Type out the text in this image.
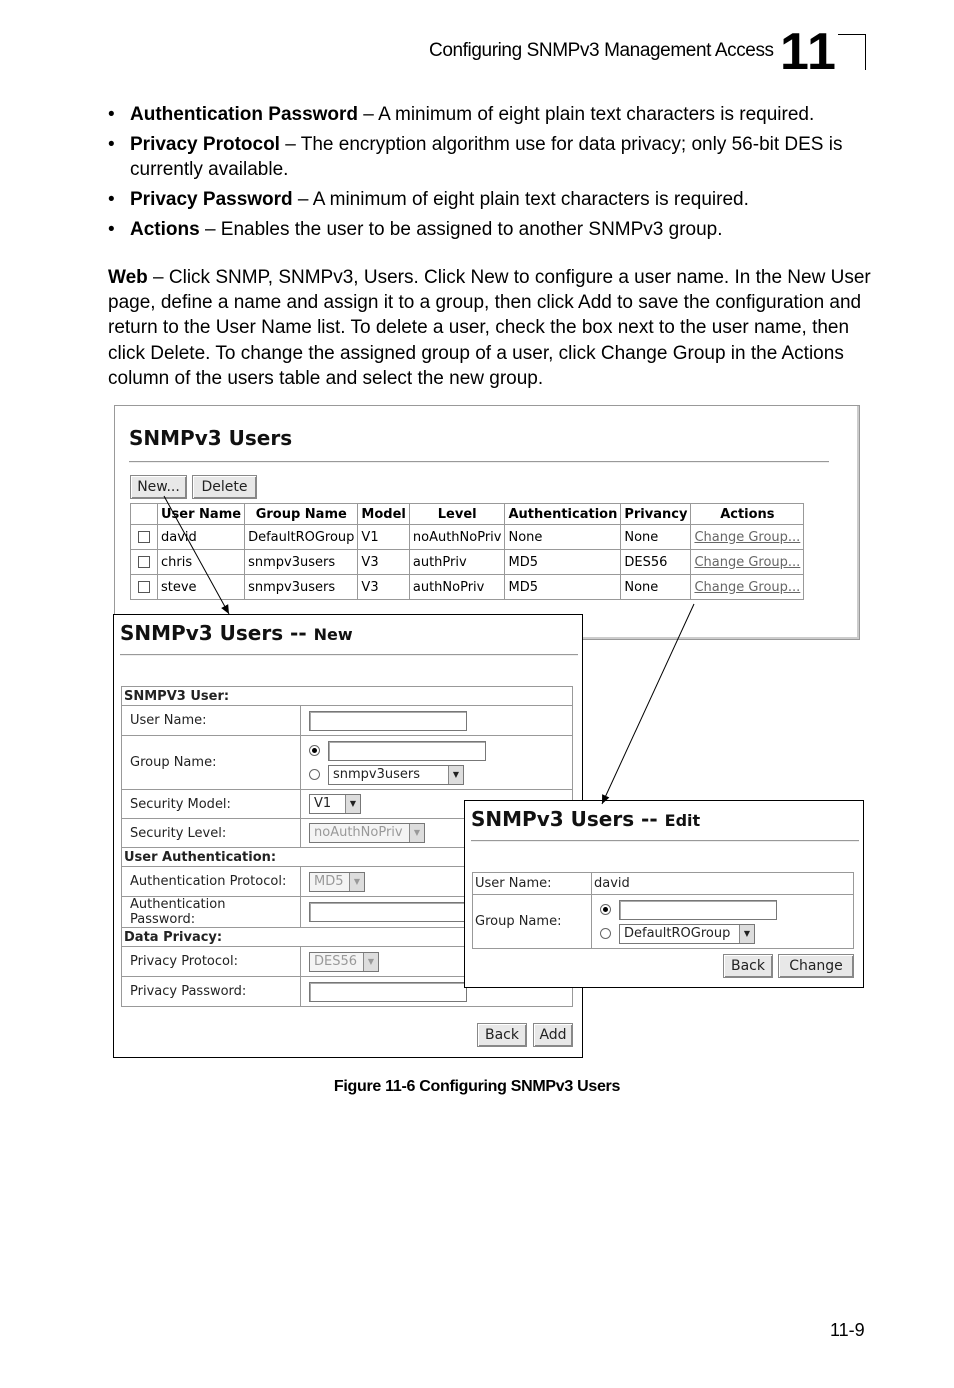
Configuring SNMPv3 Management Access 11
• Authentication Password – A minimum of eight plain text characters is required.
• Privacy Protocol – The encryption algorithm use for data privacy; only 56-bit DES is currently available.
• Privacy Password – A minimum of eight plain text characters is required.
• Actions – Enables the user to be assigned to another SNMPv3 group.
Web – Click SNMP, SNMPv3, Users. Click New to configure a user name. In the New User page, define a name and assign it to a group, then click Add to save the configuration and return to the User Name list. To delete a user, check the box next to the user name, then click Delete. To change the assigned group of a user, click Change Group in the Actions column of the users table and select the new group.
SNMPv3 Users
New...	Delete
	User Name	Group Name	Model	Level	Authentication	Privancy	Actions
	david	DefaultROGroup	V1	noAuthNoPriv	None	None	Change Group...
	chris	snmpv3users	V3	authPriv	MD5	DES56	Change Group...
	steve	snmpv3users	V3	authNoPriv	MD5	None	Change Group...
SNMPv3 Users -- New
SNMPV3 User:	
User Name:	
Group Name:	snmpv3users ▼

Security Model:	V1 ▼

Security Level:	noAuthNoPriv ▼

User Authentication:	
Authentication Protocol:	MD5 ▼

Authentication Password:	
Data Privacy:	
Privacy Protocol:	DES56 ▼

Privacy Password:	
Back	Add
SNMPv3 Users -- Edit
User Name:	david
Group Name:	DefaultROGroup ▼
Back	Change
Figure 11-6 Configuring SNMPv3 Users
11-9
